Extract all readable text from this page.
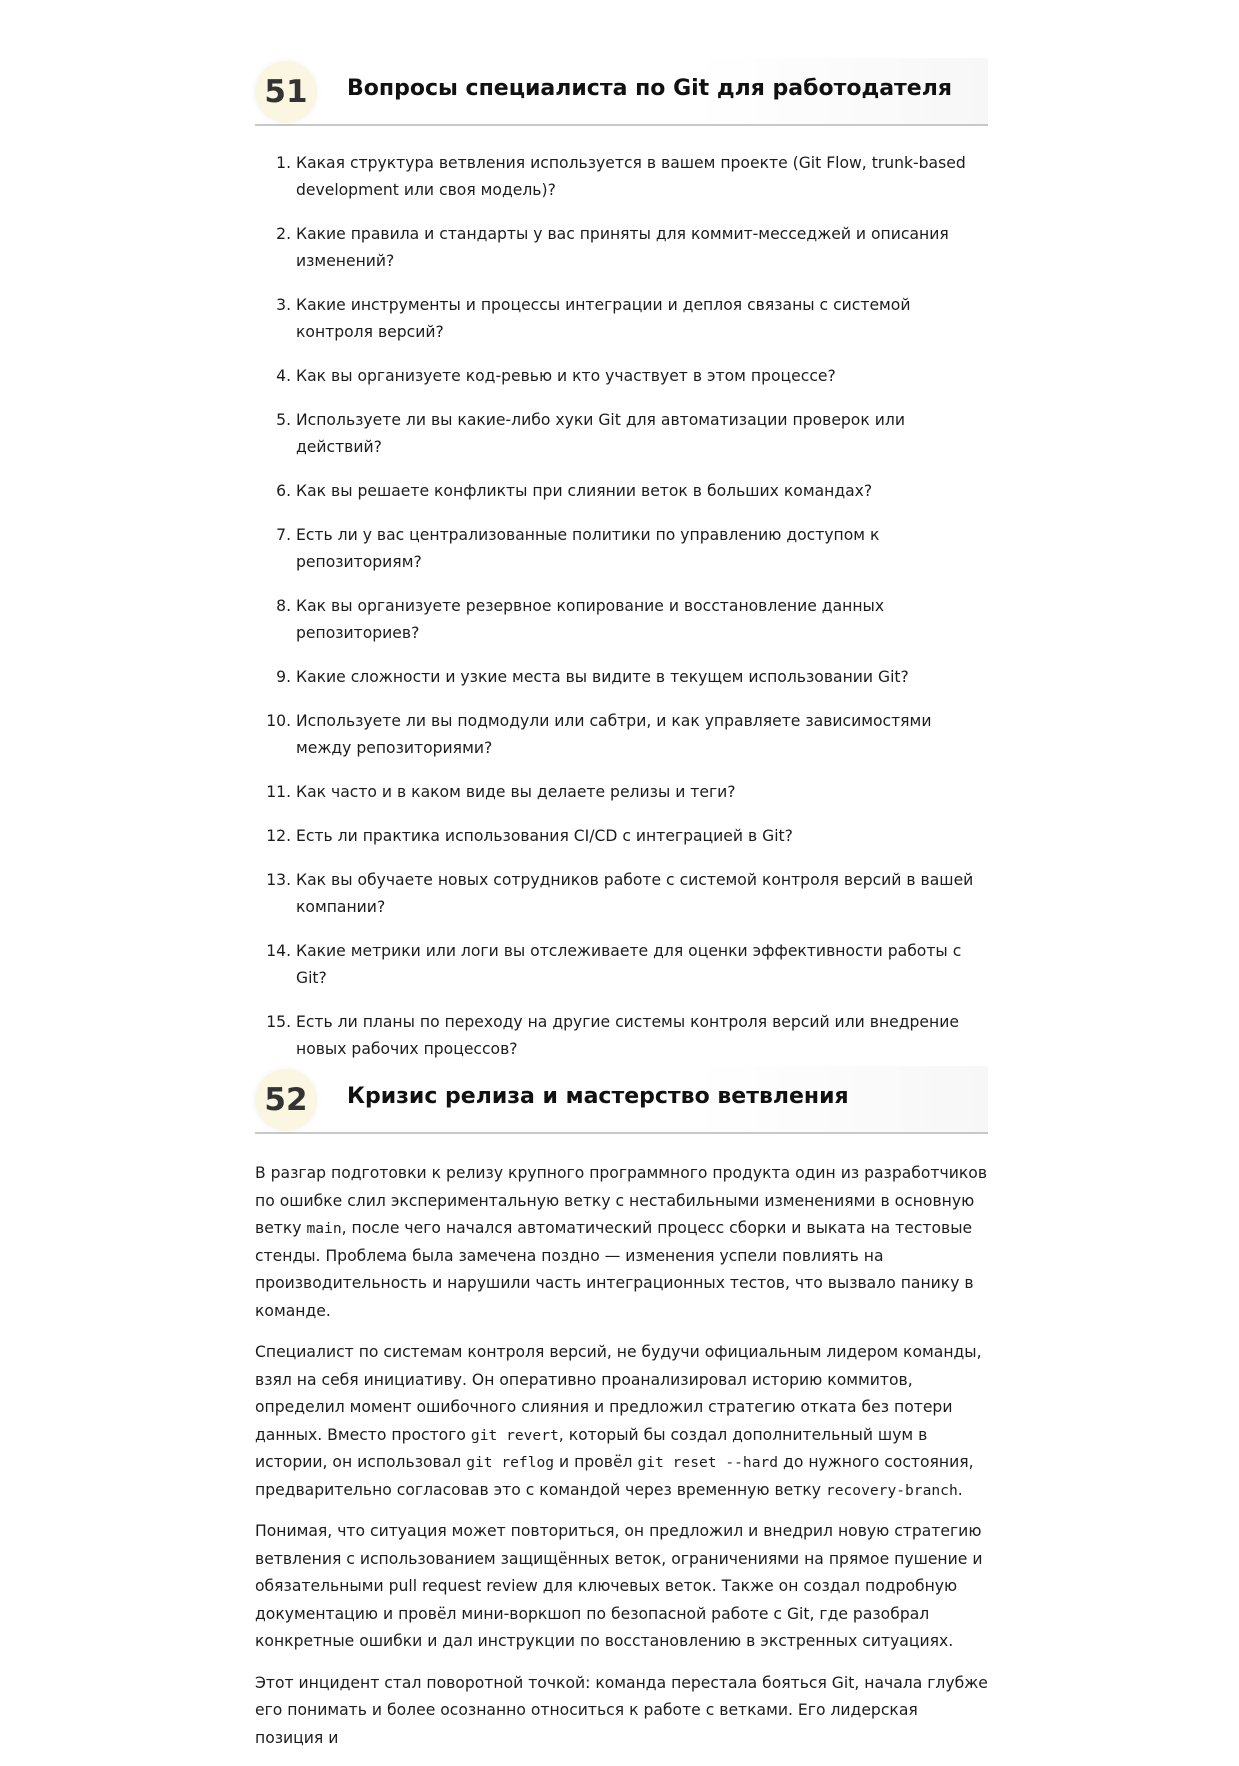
51	Вопросы специалиста по Git для работодателя
1. Какая структура ветвления используется в вашем проекте (Git Flow, trunk-based development или своя модель)?
2. Какие правила и стандарты у вас приняты для коммит-месседжей и описания изменений?
3. Какие инструменты и процессы интеграции и деплоя связаны с системой контроля версий?
4. Как вы организуете код-ревью и кто участвует в этом процессе?
5. Используете ли вы какие-либо хуки Git для автоматизации проверок или действий?
6. Как вы решаете конфликты при слиянии веток в больших командах?
7. Есть ли у вас централизованные политики по управлению доступом к репозиториям?
8. Как вы организуете резервное копирование и восстановление данных репозиториев?
9. Какие сложности и узкие места вы видите в текущем использовании Git?
10. Используете ли вы подмодули или сабтри, и как управляете зависимостями между репозиториями?
11. Как часто и в каком виде вы делаете релизы и теги?
12. Есть ли практика использования CI/CD с интеграцией в Git?
13. Как вы обучаете новых сотрудников работе с системой контроля версий в вашей компании?
14. Какие метрики или логи вы отслеживаете для оценки эффективности работы с Git?
15. Есть ли планы по переходу на другие системы контроля версий или внедрение новых рабочих процессов?
52	Кризис релиза и мастерство ветвления

В разгар подготовки к релизу крупного программного продукта один из разработчиков по ошибке слил экспериментальную ветку с нестабильными изменениями в основную ветку main, после чего начался автоматический процесс сборки и выката на тестовые стенды. Проблема была замечена поздно — изменения успели повлиять на производительность и нарушили часть интеграционных тестов, что вызвало панику в команде.

Специалист по системам контроля версий, не будучи официальным лидером команды, взял на себя инициативу. Он оперативно проанализировал историю коммитов, определил момент ошибочного слияния и предложил стратегию отката без потери данных. Вместо простого git revert, который бы создал дополнительный шум в истории, он использовал git reflog и провёл git reset --hard до нужного состояния, предварительно согласовав это с командой через временную ветку recovery-branch.

Понимая, что ситуация может повториться, он предложил и внедрил новую стратегию ветвления с использованием защищённых веток, ограничениями на прямое пушение и обязательными pull request review для ключевых веток. Также он создал подробную документацию и провёл мини-воркшоп по безопасной работе с Git, где разобрал конкретные ошибки и дал инструкции по восстановлению в экстренных ситуациях.

Этот инцидент стал поворотной точкой: команда перестала бояться Git, начала глубже его понимать и более осознанно относиться к работе с ветками. Его лидерская позиция и
